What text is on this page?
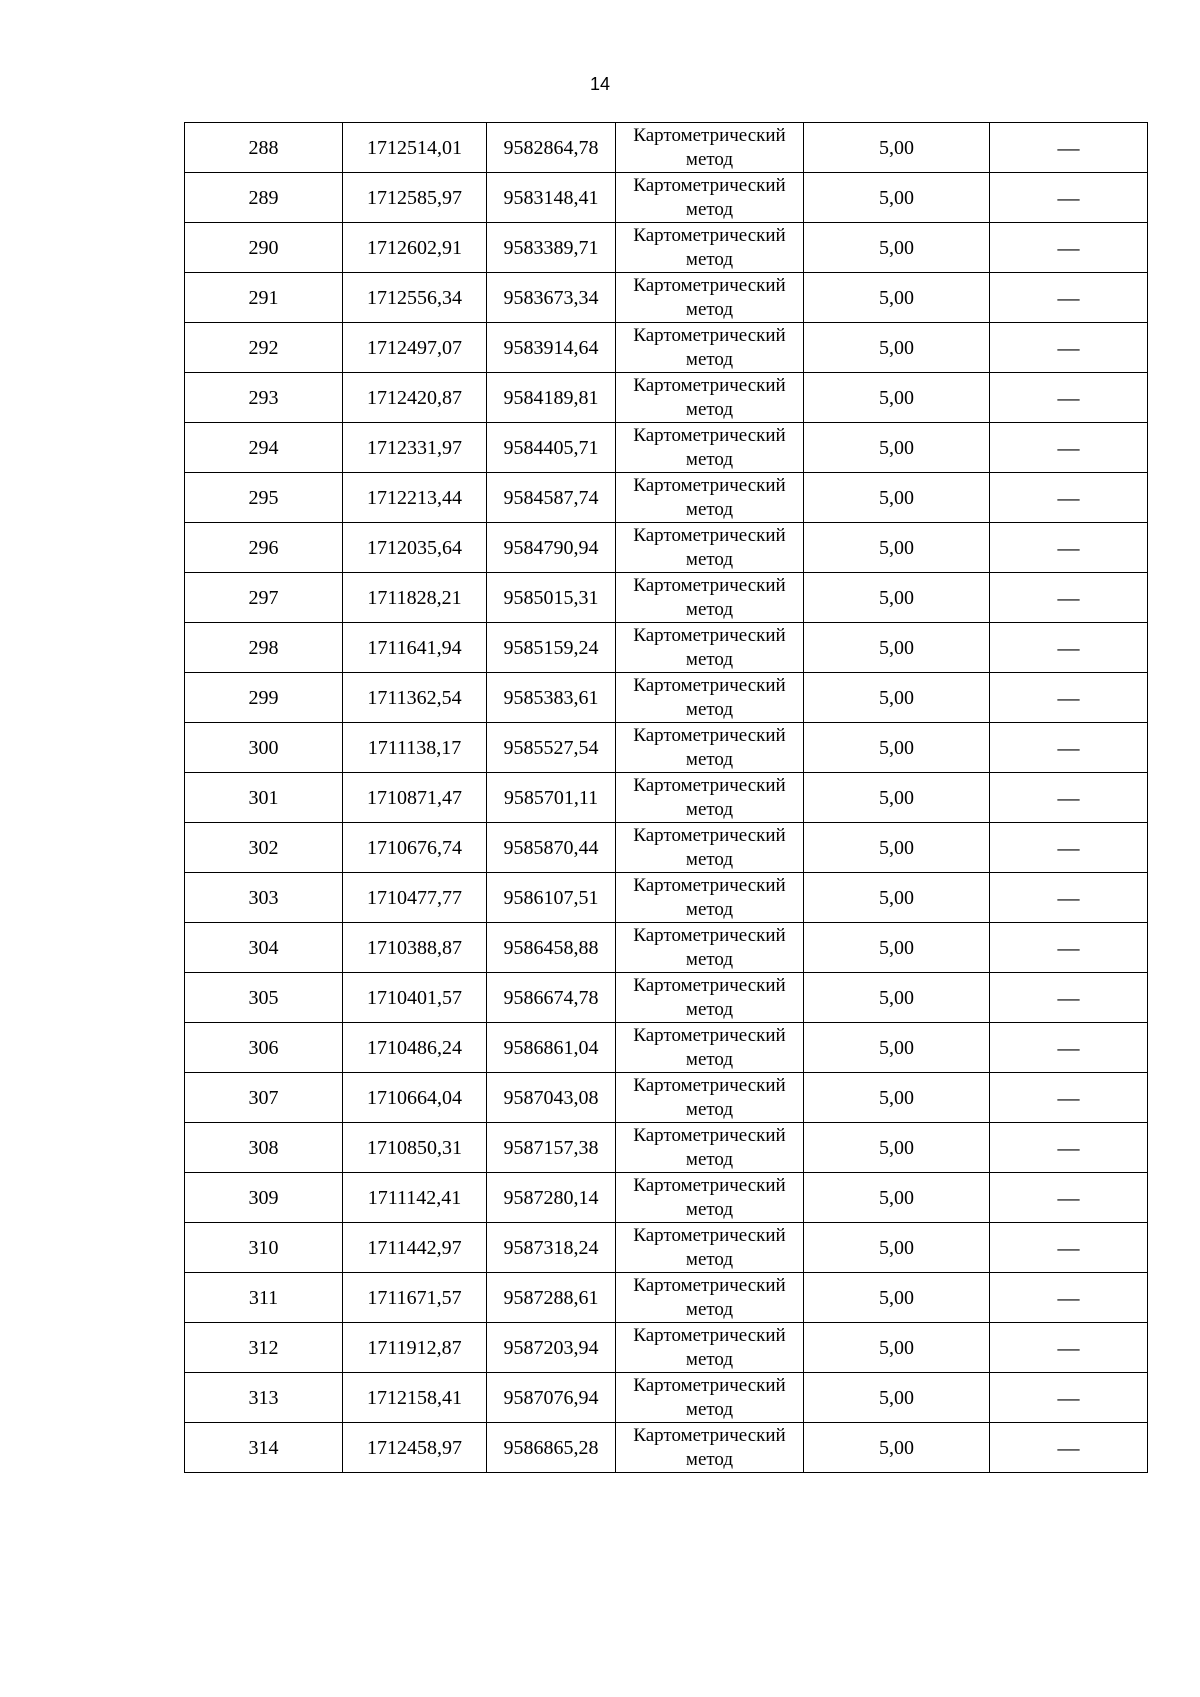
14
288	1712514,01	9582864,78	Картометрический метод	5,00	—
289	1712585,97	9583148,41	Картометрический метод	5,00	—
290	1712602,91	9583389,71	Картометрический метод	5,00	—
291	1712556,34	9583673,34	Картометрический метод	5,00	—
292	1712497,07	9583914,64	Картометрический метод	5,00	—
293	1712420,87	9584189,81	Картометрический метод	5,00	—
294	1712331,97	9584405,71	Картометрический метод	5,00	—
295	1712213,44	9584587,74	Картометрический метод	5,00	—
296	1712035,64	9584790,94	Картометрический метод	5,00	—
297	1711828,21	9585015,31	Картометрический метод	5,00	—
298	1711641,94	9585159,24	Картометрический метод	5,00	—
299	1711362,54	9585383,61	Картометрический метод	5,00	—
300	1711138,17	9585527,54	Картометрический метод	5,00	—
301	1710871,47	9585701,11	Картометрический метод	5,00	—
302	1710676,74	9585870,44	Картометрический метод	5,00	—
303	1710477,77	9586107,51	Картометрический метод	5,00	—
304	1710388,87	9586458,88	Картометрический метод	5,00	—
305	1710401,57	9586674,78	Картометрический метод	5,00	—
306	1710486,24	9586861,04	Картометрический метод	5,00	—
307	1710664,04	9587043,08	Картометрический метод	5,00	—
308	1710850,31	9587157,38	Картометрический метод	5,00	—
309	1711142,41	9587280,14	Картометрический метод	5,00	—
310	1711442,97	9587318,24	Картометрический метод	5,00	—
311	1711671,57	9587288,61	Картометрический метод	5,00	—
312	1711912,87	9587203,94	Картометрический метод	5,00	—
313	1712158,41	9587076,94	Картометрический метод	5,00	—
314	1712458,97	9586865,28	Картометрический метод	5,00	—
